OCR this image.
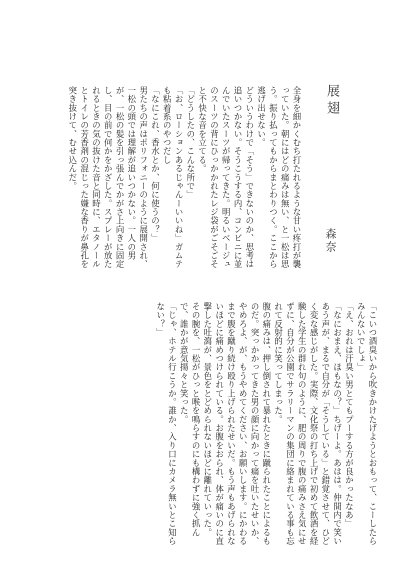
展翅
森奈

全身を細かくむち打たれるような甘い疼打が襲っていた。朝にはどの痛みは無い、と一松は思う。振り払ってもからまとわりつく。ここから逃げ出せない。

どういうわけで「そう」できないのか、思考は追いつかない。そうこうする内、コンビニに並んでいたスーツが帰ってきた。明るいベージュのスーツの背にひっかかれたレジ袋がごそごそと不快な音を立てる。

「どうしたの、こんな所で」

「お、ローションあるじゃんーいいね」ガムテも粘着系のやつだし

「なにこれ、香水とか、何に使うの？」

男たちの声はポリフォニーのように展開され、一松の頭では理解が追いつかない。一人の男が、一松の髪を引っ張んでかがさ上向きに固定し、目の前で何かをかざした。スプレーが放たれるときの気の抜けた音と同時に、エタノールとトイレの芳香剤の混じった嫌な香りが鼻孔を突き抜けて、むせ込んだ。

「こいつ酒臭いから吹きかけたげようとおもって、こーしたらみんないでしょ」

「え、おれは汗臭い男とてもプーする方が良かったなあ」

「なにおまえ、ほもなの？」ちげーよ。あはは。仲間内で笑いあう声が、まるで自分が「そうしている」と錯覚させて、ひどく変な感じがした。実際、文化祭の打ち上げで初めて飲酒を経験した学生の群れ句のように、肥の周りで腹の痛みさえ気にせずに、自分が公園でサラリーマンの集団に絡まれている事も忘れて反射的に笑ってしまった。

腹の痛みは、押し倒されて暴れたときに蹴られたことによるものだ。突っかかってきた男の顔に向かって痛を吐いたせいか、やめろよ、が、もうやめてください、お願いします。にかわるまで腹を蹴り続け殴り上げられたせいだ。もう声もあげられないほどに痛めつけられている。お腹をおられ、体が痛いのに直撃した吐瀉が、景色をとどめられないほどに離れていった。

その腕を、一松がひっと喉を鳴らすのにも構わずに強く抓んで、誰かが意気揚々と笑った。

「じゃ、ホテル行こうか。誰か、入り口にカメラ無いとこ知らない？」
